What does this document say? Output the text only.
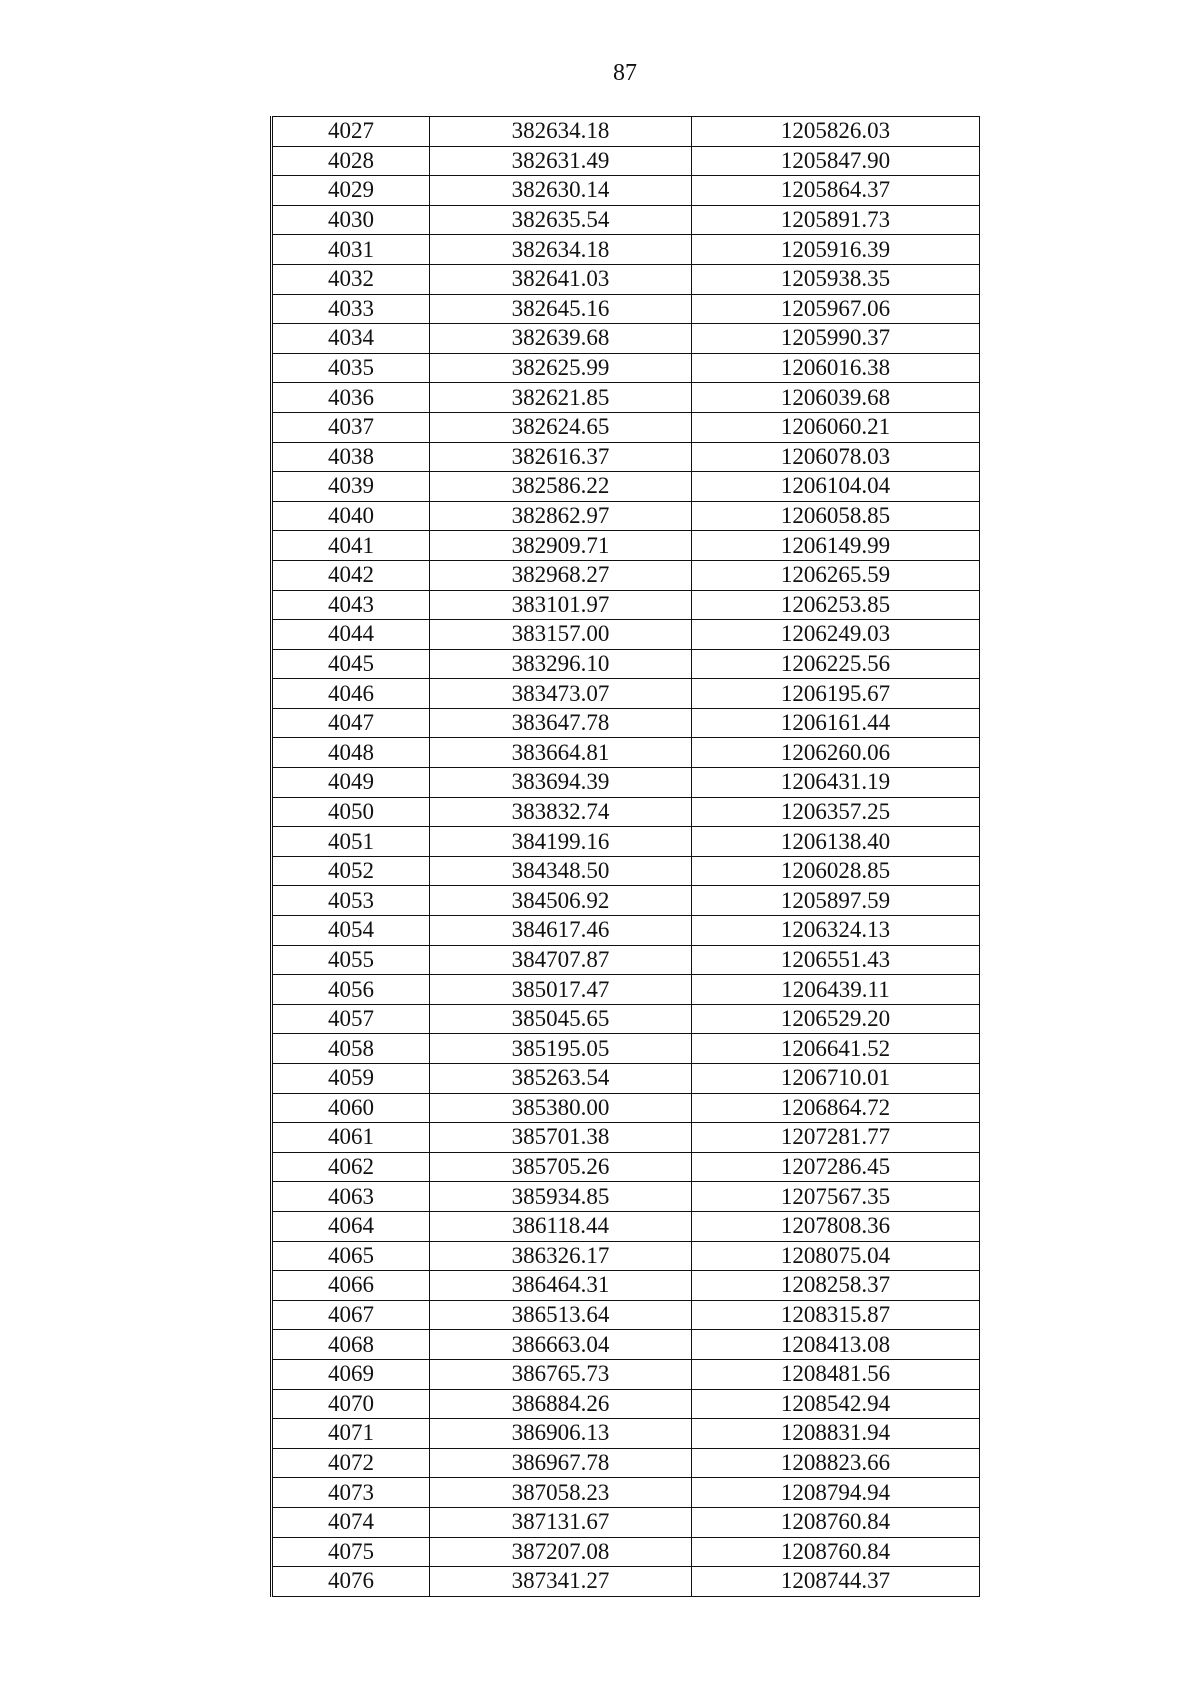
87
4027	382634.18	1205826.03
4028	382631.49	1205847.90
4029	382630.14	1205864.37
4030	382635.54	1205891.73
4031	382634.18	1205916.39
4032	382641.03	1205938.35
4033	382645.16	1205967.06
4034	382639.68	1205990.37
4035	382625.99	1206016.38
4036	382621.85	1206039.68
4037	382624.65	1206060.21
4038	382616.37	1206078.03
4039	382586.22	1206104.04
4040	382862.97	1206058.85
4041	382909.71	1206149.99
4042	382968.27	1206265.59
4043	383101.97	1206253.85
4044	383157.00	1206249.03
4045	383296.10	1206225.56
4046	383473.07	1206195.67
4047	383647.78	1206161.44
4048	383664.81	1206260.06
4049	383694.39	1206431.19
4050	383832.74	1206357.25
4051	384199.16	1206138.40
4052	384348.50	1206028.85
4053	384506.92	1205897.59
4054	384617.46	1206324.13
4055	384707.87	1206551.43
4056	385017.47	1206439.11
4057	385045.65	1206529.20
4058	385195.05	1206641.52
4059	385263.54	1206710.01
4060	385380.00	1206864.72
4061	385701.38	1207281.77
4062	385705.26	1207286.45
4063	385934.85	1207567.35
4064	386118.44	1207808.36
4065	386326.17	1208075.04
4066	386464.31	1208258.37
4067	386513.64	1208315.87
4068	386663.04	1208413.08
4069	386765.73	1208481.56
4070	386884.26	1208542.94
4071	386906.13	1208831.94
4072	386967.78	1208823.66
4073	387058.23	1208794.94
4074	387131.67	1208760.84
4075	387207.08	1208760.84
4076	387341.27	1208744.37
